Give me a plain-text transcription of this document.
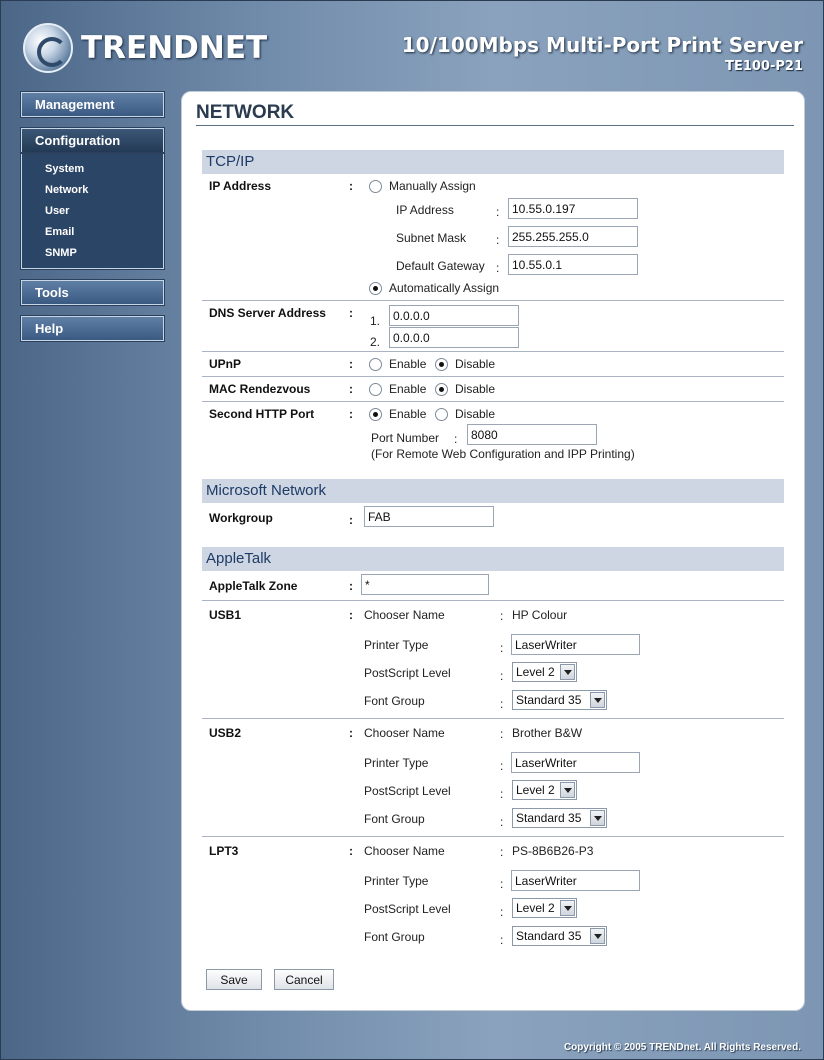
TRENDNET	10/100Mbps Multi-Port Print Server
TE100-P21
Management
Configuration
System
Network
User
Email
SNMP
Tools
Help
NETWORK
TCP/IP
IP Address	:	Manually Assign
IP Address	:
10.55.0.197
Subnet Mask :
255.255.255.0
Default Gateway :
10.55.0.1
Automatically Assign
DNS Server Address :
1.
0.0.0.0
2.
0.0.0.0
UPnP	:	Enable Disable
MAC Rendezvous	:	Enable Disable
Second HTTP Port	:	Enable Disable
Port Number :
8080
(For Remote Web Configuration and IPP Printing)
Microsoft Network
Workgroup	:
FAB
AppleTalk
AppleTalk Zone	:
*
USB1	: Chooser Name	: HP Colour
Printer Type	:
LaserWriter
PostScript Level	:	Level 2
Font Group	:	Standard 35
USB2	: Chooser Name	: Brother B&W
Printer Type	:
LaserWriter
PostScript Level	:	Level 2
Font Group	:	Standard 35
LPT3	: Chooser Name	: PS-8B6B26-P3
Printer Type	:
LaserWriter
PostScript Level	:	Level 2
Font Group	:	Standard 35
Save	Cancel
Copyright © 2005 TRENDnet. All Rights Reserved.
